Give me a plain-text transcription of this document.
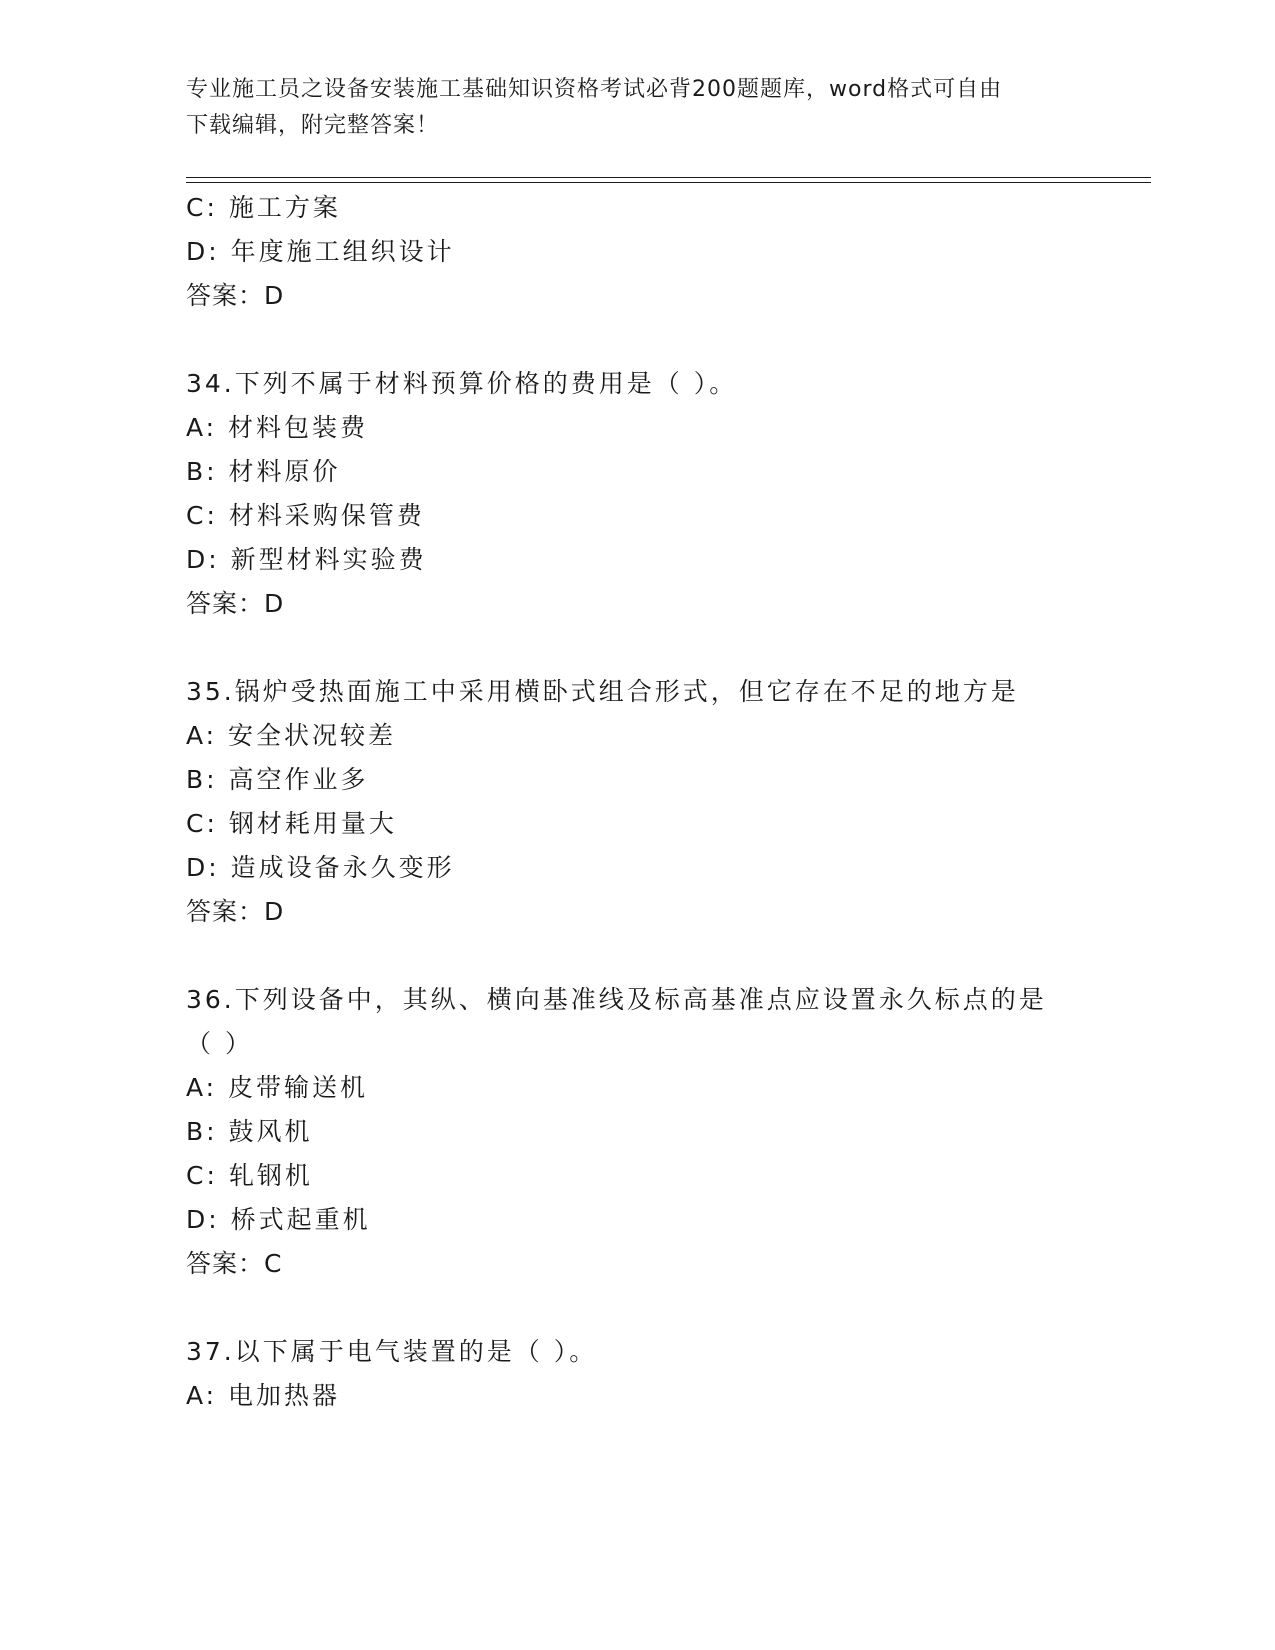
专业施工员之设备安装施工基础知识资格考试必背200题题库，word格式可自由
下载编辑，附完整答案！
C: 施工方案
D: 年度施工组织设计
答案：D
34.下列不属于材料预算价格的费用是（ ）。
A: 材料包装费
B: 材料原价
C: 材料采购保管费
D: 新型材料实验费
答案：D
35.锅炉受热面施工中采用横卧式组合形式，但它存在不足的地方是
A: 安全状况较差
B: 高空作业多
C: 钢材耗用量大
D: 造成设备永久变形
答案：D
36.下列设备中，其纵、横向基准线及标高基准点应设置永久标点的是
（ ）
A: 皮带输送机
B: 鼓风机
C: 轧钢机
D: 桥式起重机
答案：C
37.以下属于电气装置的是（ ）。
A: 电加热器
